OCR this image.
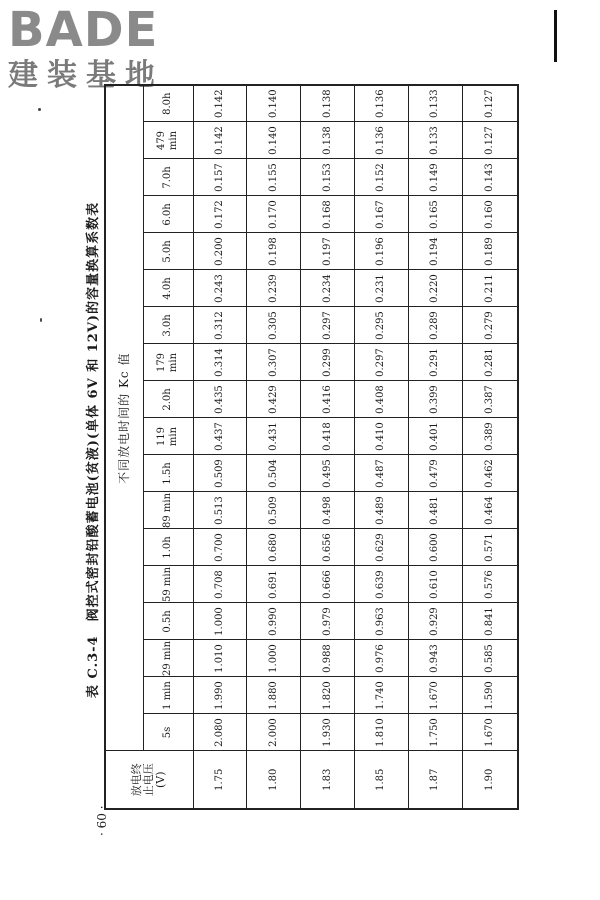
BADE
建装基地
表 C.3-4　阀控式密封铅酸蓄电池(贫液)(单体 6V 和 12V)的容量换算系数表
· 60 ·
放电终 止电压 (V)	不同放电时间的 Kc 值																	
	5s	1 min	29 min	0.5h	59 min	1.0h	89 min	1.5h	119 min	2.0h	179 min	3.0h	4.0h	5.0h	6.0h	7.0h	479 min	8.0h
1.75	2.080	1.990	1.010	1.000	0.708	0.700	0.513	0.509	0.437	0.435	0.314	0.312	0.243	0.200	0.172	0.157	0.142	0.142
1.80	2.000	1.880	1.000	0.990	0.691	0.680	0.509	0.504	0.431	0.429	0.307	0.305	0.239	0.198	0.170	0.155	0.140	0.140
1.83	1.930	1.820	0.988	0.979	0.666	0.656	0.498	0.495	0.418	0.416	0.299	0.297	0.234	0.197	0.168	0.153	0.138	0.138
1.85	1.810	1.740	0.976	0.963	0.639	0.629	0.489	0.487	0.410	0.408	0.297	0.295	0.231	0.196	0.167	0.152	0.136	0.136
1.87	1.750	1.670	0.943	0.929	0.610	0.600	0.481	0.479	0.401	0.399	0.291	0.289	0.220	0.194	0.165	0.149	0.133	0.133
1.90	1.670	1.590	0.585	0.841	0.576	0.571	0.464	0.462	0.389	0.387	0.281	0.279	0.211	0.189	0.160	0.143	0.127	0.127
